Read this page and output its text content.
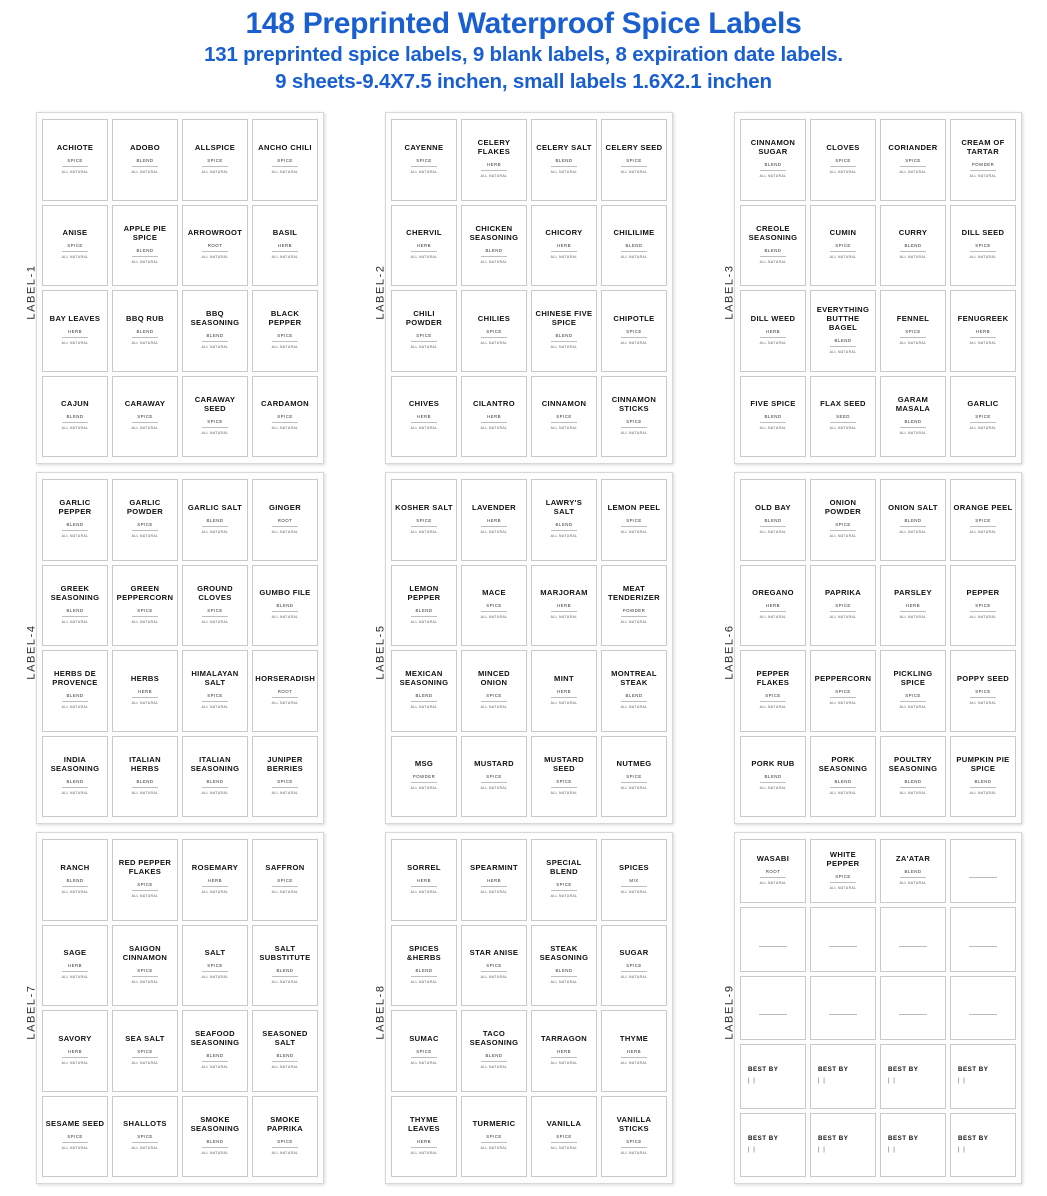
148 Preprinted Waterproof Spice Labels
131 preprinted spice labels, 9 blank labels, 8 expiration date labels.
9 sheets-9.4X7.5 inchen, small labels 1.6X2.1 inchen
LABEL-1
ACHIOTE
SPICE
ALL NATURAL
ADOBO
BLEND
ALL NATURAL
ALLSPICE
SPICE
ALL NATURAL
ANCHO CHILI
SPICE
ALL NATURAL
ANISE
SPICE
ALL NATURAL
APPLE PIE SPICE
BLEND
ALL NATURAL
ARROWROOT
ROOT
ALL NATURAL
BASIL
HERB
ALL NATURAL
BAY LEAVES
HERB
ALL NATURAL
BBQ RUB
BLEND
ALL NATURAL
BBQ SEASONING
BLEND
ALL NATURAL
BLACK PEPPER
SPICE
ALL NATURAL
CAJUN
BLEND
ALL NATURAL
CARAWAY
SPICE
ALL NATURAL
CARAWAY SEED
SPICE
ALL NATURAL
CARDAMON
SPICE
ALL NATURAL
LABEL-2
CAYENNE
SPICE
ALL NATURAL
CELERY FLAKES
HERB
ALL NATURAL
CELERY SALT
BLEND
ALL NATURAL
CELERY SEED
SPICE
ALL NATURAL
CHERVIL
HERB
ALL NATURAL
CHICKEN SEASONING
BLEND
ALL NATURAL
CHICORY
HERB
ALL NATURAL
CHILILIME
BLEND
ALL NATURAL
CHILI POWDER
SPICE
ALL NATURAL
CHILIES
SPICE
ALL NATURAL
CHINESE FIVE SPICE
BLEND
ALL NATURAL
CHIPOTLE
SPICE
ALL NATURAL
CHIVES
HERB
ALL NATURAL
CILANTRO
HERB
ALL NATURAL
CINNAMON
SPICE
ALL NATURAL
CINNAMON STICKS
SPICE
ALL NATURAL
LABEL-3
CINNAMON SUGAR
BLEND
ALL NATURAL
CLOVES
SPICE
ALL NATURAL
CORIANDER
SPICE
ALL NATURAL
CREAM OF TARTAR
POWDER
ALL NATURAL
CREOLE SEASONING
BLEND
ALL NATURAL
CUMIN
SPICE
ALL NATURAL
CURRY
BLEND
ALL NATURAL
DILL SEED
SPICE
ALL NATURAL
DILL WEED
HERB
ALL NATURAL
EVERYTHING BUTTHE BAGEL
BLEND
ALL NATURAL
FENNEL
SPICE
ALL NATURAL
FENUGREEK
HERB
ALL NATURAL
FIVE SPICE
BLEND
ALL NATURAL
FLAX SEED
SEED
ALL NATURAL
GARAM MASALA
BLEND
ALL NATURAL
GARLIC
SPICE
ALL NATURAL
LABEL-4
GARLIC PEPPER
BLEND
ALL NATURAL
GARLIC POWDER
SPICE
ALL NATURAL
GARLIC SALT
BLEND
ALL NATURAL
GINGER
ROOT
ALL NATURAL
GREEK SEASONING
BLEND
ALL NATURAL
GREEN PEPPERCORN
SPICE
ALL NATURAL
GROUND CLOVES
SPICE
ALL NATURAL
GUMBO FILE
BLEND
ALL NATURAL
HERBS DE PROVENCE
BLEND
ALL NATURAL
HERBS
HERB
ALL NATURAL
HIMALAYAN SALT
SPICE
ALL NATURAL
HORSERADISH
ROOT
ALL NATURAL
INDIA SEASONING
BLEND
ALL NATURAL
ITALIAN HERBS
BLEND
ALL NATURAL
ITALIAN SEASONING
BLEND
ALL NATURAL
JUNIPER BERRIES
SPICE
ALL NATURAL
LABEL-5
KOSHER SALT
SPICE
ALL NATURAL
LAVENDER
HERB
ALL NATURAL
LAWRY'S SALT
BLEND
ALL NATURAL
LEMON PEEL
SPICE
ALL NATURAL
LEMON PEPPER
BLEND
ALL NATURAL
MACE
SPICE
ALL NATURAL
MARJORAM
HERB
ALL NATURAL
MEAT TENDERIZER
POWDER
ALL NATURAL
MEXICAN SEASONING
BLEND
ALL NATURAL
MINCED ONION
SPICE
ALL NATURAL
MINT
HERB
ALL NATURAL
MONTREAL STEAK
BLEND
ALL NATURAL
MSG
POWDER
ALL NATURAL
MUSTARD
SPICE
ALL NATURAL
MUSTARD SEED
SPICE
ALL NATURAL
NUTMEG
SPICE
ALL NATURAL
LABEL-6
OLD BAY
BLEND
ALL NATURAL
ONION POWDER
SPICE
ALL NATURAL
ONION SALT
BLEND
ALL NATURAL
ORANGE PEEL
SPICE
ALL NATURAL
OREGANO
HERB
ALL NATURAL
PAPRIKA
SPICE
ALL NATURAL
PARSLEY
HERB
ALL NATURAL
PEPPER
SPICE
ALL NATURAL
PEPPER FLAKES
SPICE
ALL NATURAL
PEPPERCORN
SPICE
ALL NATURAL
PICKLING SPICE
SPICE
ALL NATURAL
POPPY SEED
SPICE
ALL NATURAL
PORK RUB
BLEND
ALL NATURAL
PORK SEASONING
BLEND
ALL NATURAL
POULTRY SEASONING
BLEND
ALL NATURAL
PUMPKIN PIE SPICE
BLEND
ALL NATURAL
LABEL-7
RANCH
BLEND
ALL NATURAL
RED PEPPER FLAKES
SPICE
ALL NATURAL
ROSEMARY
HERB
ALL NATURAL
SAFFRON
SPICE
ALL NATURAL
SAGE
HERB
ALL NATURAL
SAIGON CINNAMON
SPICE
ALL NATURAL
SALT
SPICE
ALL NATURAL
SALT SUBSTITUTE
BLEND
ALL NATURAL
SAVORY
HERB
ALL NATURAL
SEA SALT
SPICE
ALL NATURAL
SEAFOOD SEASONING
BLEND
ALL NATURAL
SEASONED SALT
BLEND
ALL NATURAL
SESAME SEED
SPICE
ALL NATURAL
SHALLOTS
SPICE
ALL NATURAL
SMOKE SEASONING
BLEND
ALL NATURAL
SMOKE PAPRIKA
SPICE
ALL NATURAL
LABEL-8
SORREL
HERB
ALL NATURAL
SPEARMINT
HERB
ALL NATURAL
SPECIAL BLEND
SPICE
ALL NATURAL
SPICES
MIX
ALL NATURAL
SPICES &HERBS
BLEND
ALL NATURAL
STAR ANISE
SPICE
ALL NATURAL
STEAK SEASONING
BLEND
ALL NATURAL
SUGAR
SPICE
ALL NATURAL
SUMAC
SPICE
ALL NATURAL
TACO SEASONING
BLEND
ALL NATURAL
TARRAGON
HERB
ALL NATURAL
THYME
HERB
ALL NATURAL
THYME LEAVES
HERB
ALL NATURAL
TURMERIC
SPICE
ALL NATURAL
VANILLA
SPICE
ALL NATURAL
VANILLA STICKS
SPICE
ALL NATURAL
LABEL-9
WASABI
ROOT
ALL NATURAL
WHITE PEPPER
SPICE
ALL NATURAL
ZA'ATAR
BLEND
ALL NATURAL
BEST BY
| |
BEST BY
| |
BEST BY
| |
BEST BY
| |
BEST BY
| |
BEST BY
| |
BEST BY
| |
BEST BY
| |
